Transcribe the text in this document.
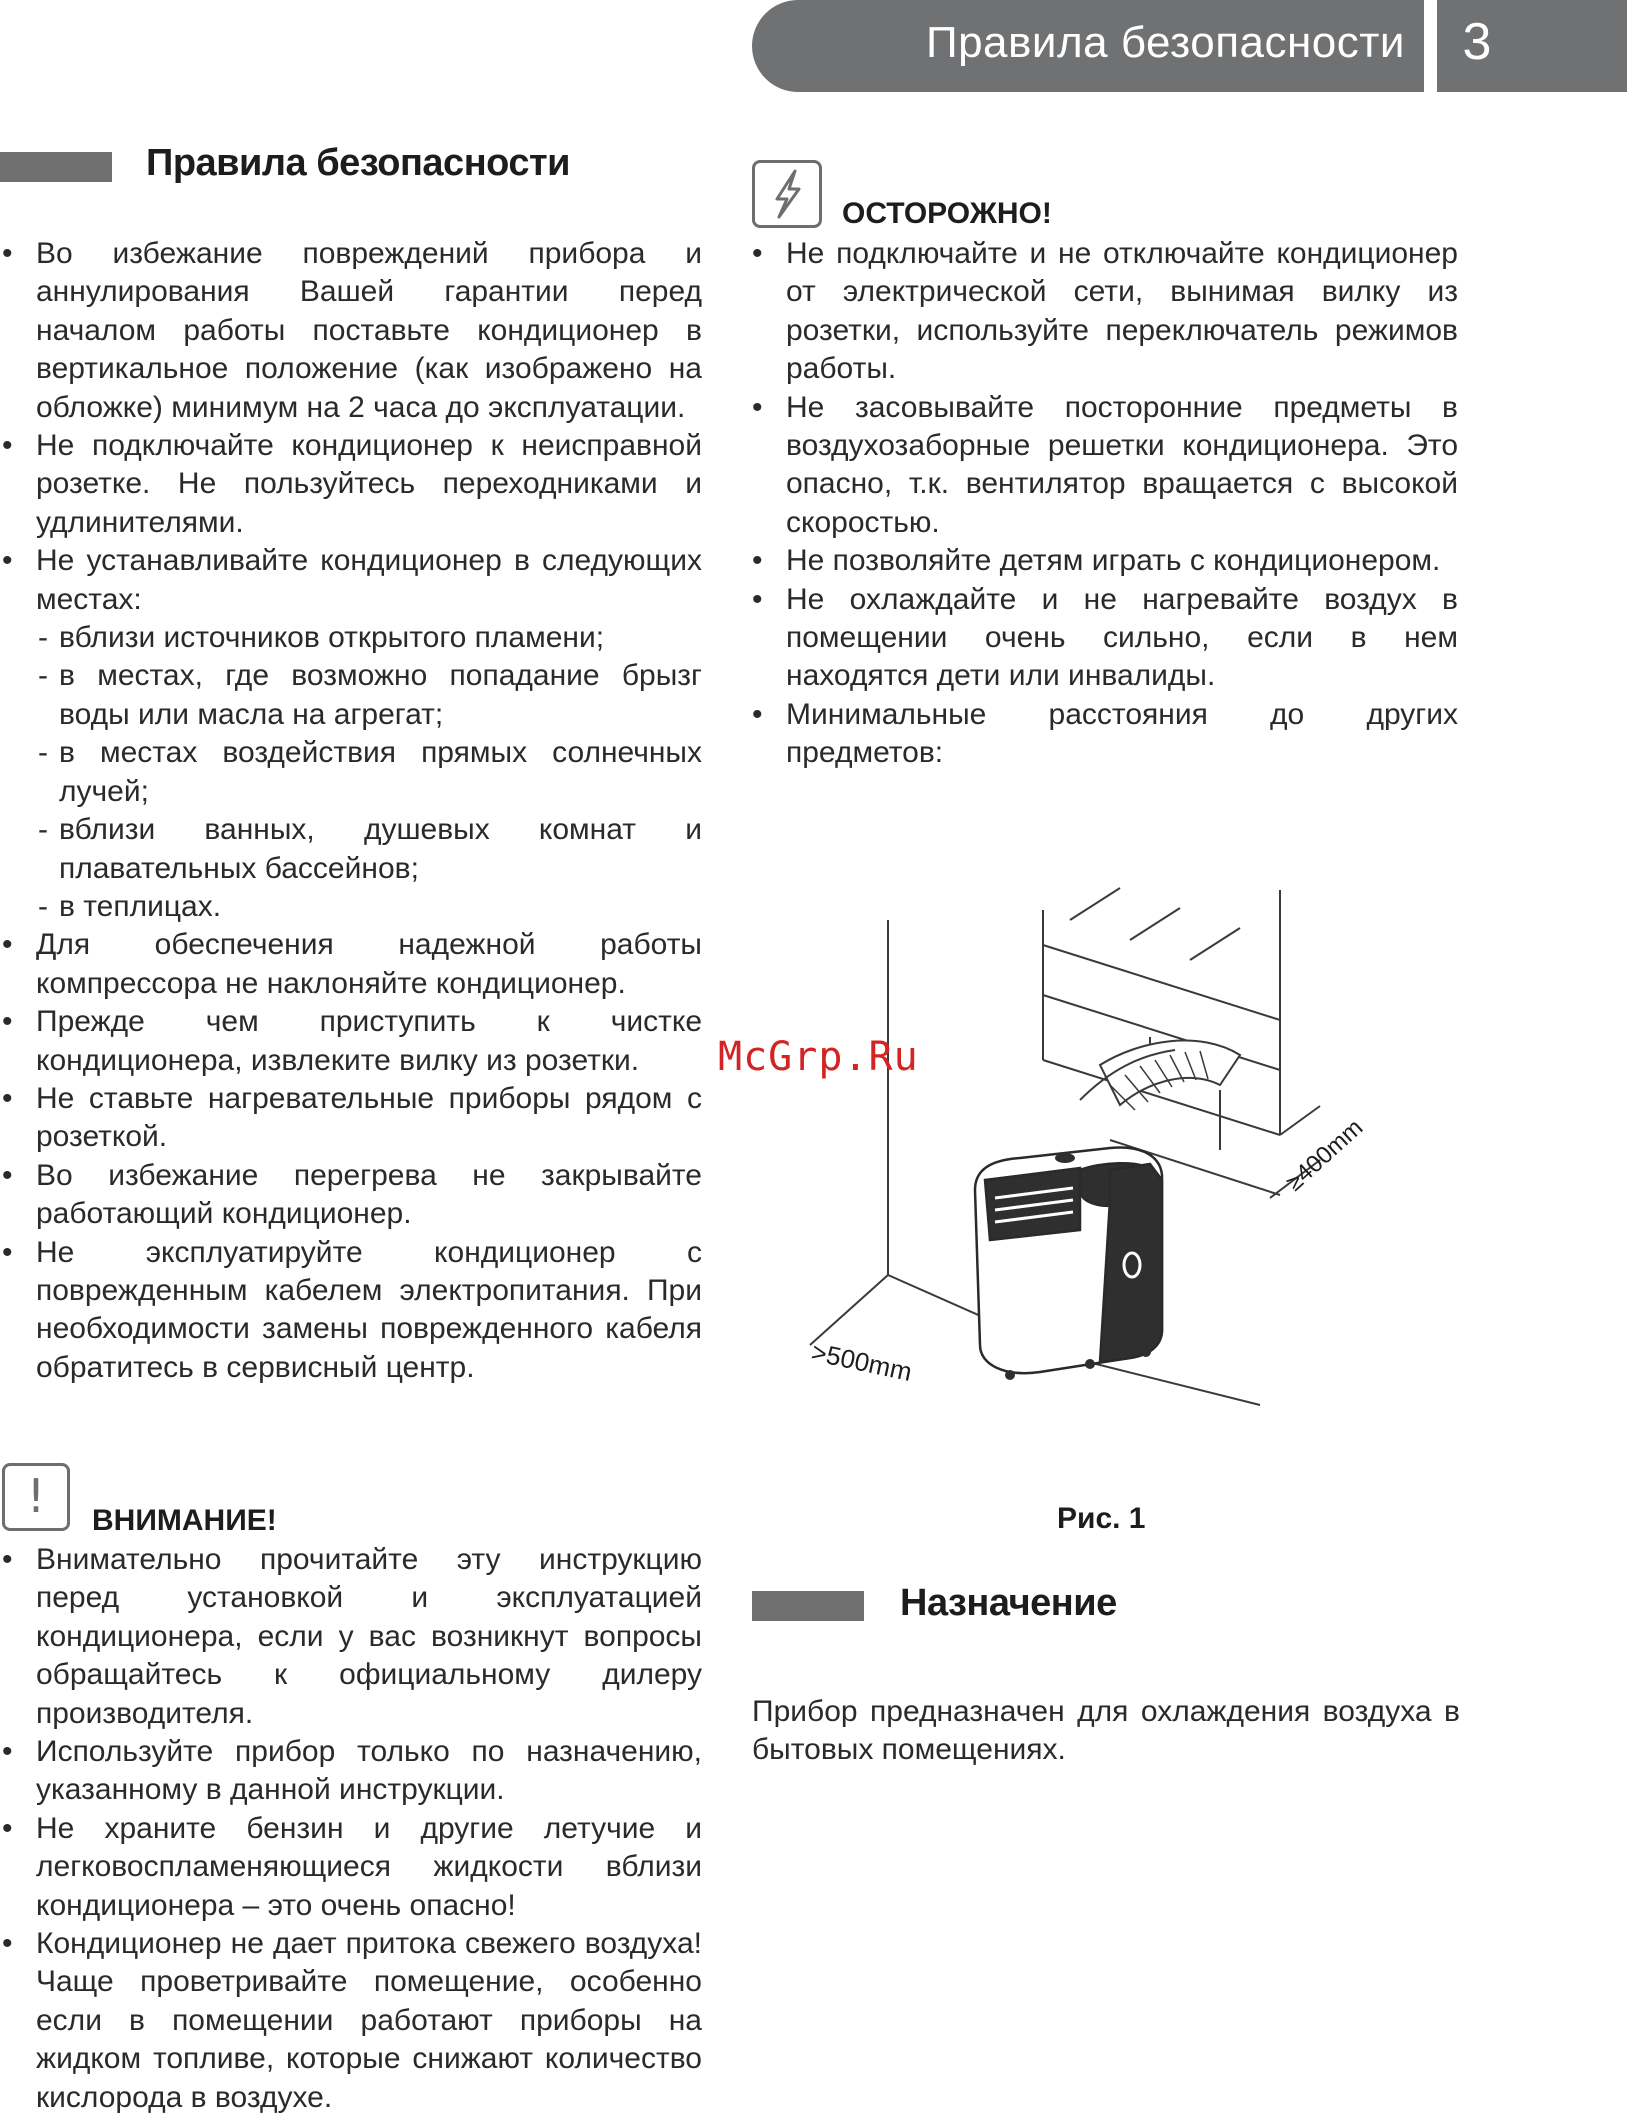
Правила безопасности	3
Правила безопасности
• Во избежание повреждений прибора и аннулирования Вашей гарантии перед началом работы поставьте кондиционер в вертикальное положение (как изображено на обложке) минимум на 2 часа до эксплуатации.
• Не подключайте кондиционер к неисправной розетке. Не пользуйтесь переходниками и удлинителями.
• Не устанавливайте кондиционер в следующих местах:
- вблизи источников открытого пламени;
- в местах, где возможно попадание брызг воды или масла на агрегат;
- в местах воздействия прямых солнечных лучей;
- вблизи ванных, душевых комнат и плавательных бассейнов;
- в теплицах.
• Для обеспечения надежной работы компрессора не наклоняйте кондиционер.
• Прежде чем приступить к чистке кондиционера, извлеките вилку из розетки.
• Не ставьте нагревательные приборы рядом с розеткой.
• Во избежание перегрева не закрывайте работающий кондиционер.
• Не эксплуатируйте кондиционер с поврежденным кабелем электропитания. При необходимости замены поврежденного кабеля обратитесь в сервисный центр.
!	ВНИМАНИЕ!
• Внимательно прочитайте эту инструкцию перед установкой и эксплуатацией кондиционера, если у вас возникнут вопросы обращайтесь к официальному дилеру производителя.
• Используйте прибор только по назначению, указанному в данной инструкции.
• Не храните бензин и другие летучие и легковоспламеняющиеся жидкости вблизи кондиционера – это очень опасно!
• Кондиционер не дает притока свежего воздуха! Чаще проветривайте помещение, особенно если в помещении работают приборы на жидком топливе, которые снижают количество кислорода в воздухе.
ОСТОРОЖНО!
• Не подключайте и не отключайте кондиционер от электрической сети, вынимая вилку из розетки, используйте переключатель режимов работы.
• Не засовывайте посторонние предметы в воздухозаборные решетки кондиционера. Это опасно, т.к. вентилятор вращается с высокой скоростью.
• Не позволяйте детям играть с кондиционером.
• Не охлаждайте и не нагревайте воздух в помещении очень сильно, если в нем находятся дети или инвалиды.
• Минимальные расстояния до других предметов:
>500mm
≥400mm
McGrp.Ru
Рис. 1
Назначение
Прибор предназначен для охлаждения воздуха в бытовых помещениях.
